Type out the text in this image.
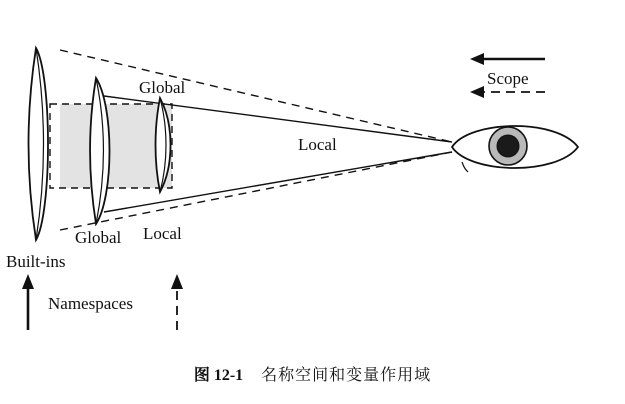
Global
Local
Global Local
Built-ins
Namespaces
Scope
图 12-1 名称空间和变量作用域
